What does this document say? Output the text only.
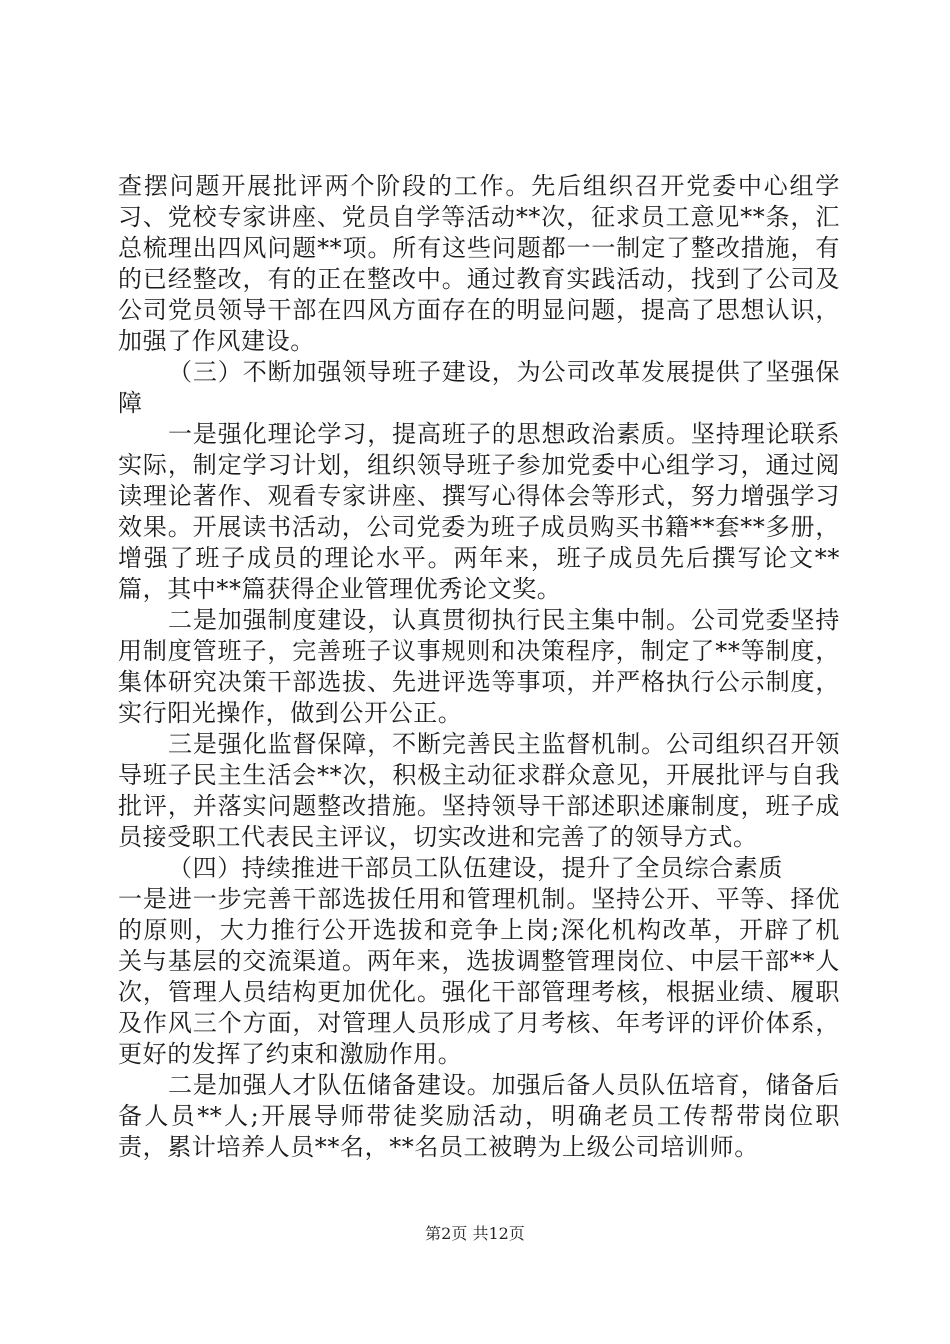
查摆问题开展批评两个阶段的工作。先后组织召开党委中心组学习、党校专家讲座、党员自学等活动**次，征求员工意见**条，汇总梳理出四风问题**项。所有这些问题都一一制定了整改措施，有的已经整改，有的正在整改中。通过教育实践活动，找到了公司及公司党员领导干部在四风方面存在的明显问题，提高了思想认识，加强了作风建设。

（三）不断加强领导班子建设，为公司改革发展提供了坚强保障

一是强化理论学习，提高班子的思想政治素质。坚持理论联系实际，制定学习计划，组织领导班子参加党委中心组学习，通过阅读理论著作、观看专家讲座、撰写心得体会等形式，努力增强学习效果。开展读书活动，公司党委为班子成员购买书籍**套**多册，增强了班子成员的理论水平。两年来，班子成员先后撰写论文**篇，其中**篇获得企业管理优秀论文奖。

二是加强制度建设，认真贯彻执行民主集中制。公司党委坚持用制度管班子，完善班子议事规则和决策程序，制定了**等制度，集体研究决策干部选拔、先进评选等事项，并严格执行公示制度，实行阳光操作，做到公开公正。

三是强化监督保障，不断完善民主监督机制。公司组织召开领导班子民主生活会**次，积极主动征求群众意见，开展批评与自我批评，并落实问题整改措施。坚持领导干部述职述廉制度，班子成员接受职工代表民主评议，切实改进和完善了的领导方式。

（四）持续推进干部员工队伍建设，提升了全员综合素质

一是进一步完善干部选拔任用和管理机制。坚持公开、平等、择优的原则，大力推行公开选拔和竞争上岗;深化机构改革，开辟了机关与基层的交流渠道。两年来，选拔调整管理岗位、中层干部**人次，管理人员结构更加优化。强化干部管理考核，根据业绩、履职及作风三个方面，对管理人员形成了月考核、年考评的评价体系，更好的发挥了约束和激励作用。

二是加强人才队伍储备建设。加强后备人员队伍培育，储备后备人员**人;开展导师带徒奖励活动，明确老员工传帮带岗位职责，累计培养人员**名，**名员工被聘为上级公司培训师。

第2页 共12页
